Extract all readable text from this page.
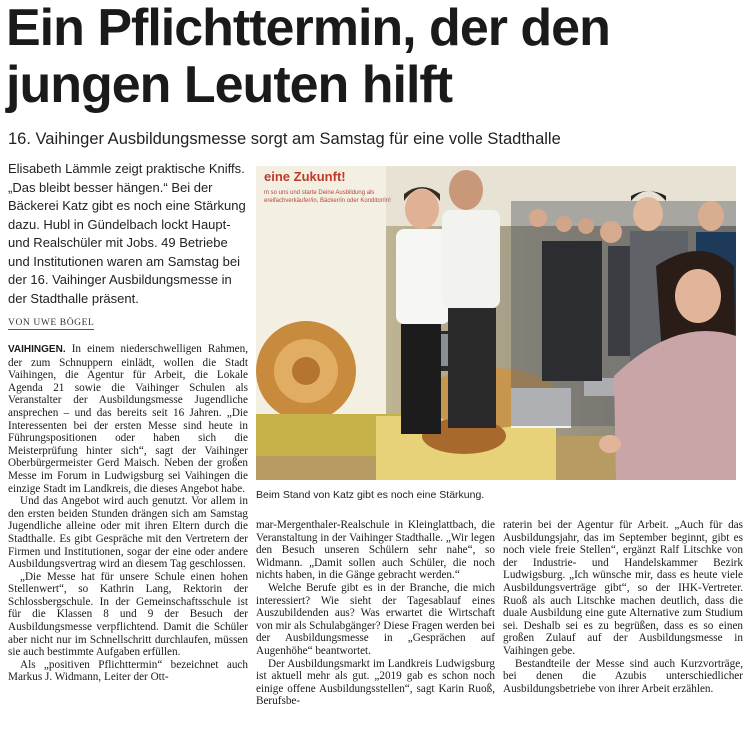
Ein Pflichttermin, der den jungen Leuten hilft
16. Vaihinger Ausbildungsmesse sorgt am Samstag für eine volle Stadthalle
Elisabeth Lämmle zeigt praktische Kniffs. „Das bleibt besser hängen.“ Bei der Bäckerei Katz gibt es noch eine Stärkung dazu. Hubl in Gündelbach lockt Haupt- und Realschüler mit Jobs. 49 Betriebe und Institutionen waren am Samstag bei der 16. Vaihinger Ausbildungsmesse in der Stadthalle präsent.
VON UWE BÖGEL

VAIHINGEN. In einem niederschwelligen Rahmen, der zum Schnuppern einlädt, wollen die Stadt Vaihingen, die Agentur für Arbeit, die Lokale Agenda 21 sowie die Vaihinger Schulen als Veranstalter der Ausbildungsmesse Jugendliche ansprechen – und das bereits seit 16 Jahren. „Die Interessenten bei der ersten Messe sind heute in Führungspositionen oder haben sich die Meisterprüfung hinter sich“, sagt der Vaihinger Oberbürgermeister Gerd Maisch. Neben der großen Messe im Forum in Ludwigsburg sei Vaihingen die einzige Stadt im Landkreis, die dieses Angebot habe.

Und das Angebot wird auch genutzt. Vor allem in den ersten beiden Stunden drängen sich am Samstag Jugendliche alleine oder mit ihren Eltern durch die Stadthalle. Es gibt Gespräche mit den Vertretern der Firmen und Institutionen, sogar der eine oder andere Ausbildungsvertrag wird an diesem Tag geschlossen.

„Die Messe hat für unsere Schule einen hohen Stellenwert“, so Kathrin Lang, Rektorin der Schlossbergschule. In der Gemeinschaftsschule ist für die Klassen 8 und 9 der Besuch der Ausbildungsmesse verpflichtend. Damit die Schüler aber nicht nur im Schnellschritt durchlaufen, müssen sie auch bestimmte Aufgaben erfüllen.

Als „positiven Pflichttermin“ bezeichnet auch Markus J. Widmann, Leiter der Ott-

eine Zukunft!
m so uns und starte Deine Ausbildung als
ereifachverkäufer/in, Bäcker/in oder Konditor/in!
Beim Stand von Katz gibt es noch eine Stärkung.

mar-Mergenthaler-Realschule in Kleinglattbach, die Veranstaltung in der Vaihinger Stadthalle. „Wir legen den Besuch unseren Schülern sehr nahe“, so Widmann. „Damit sollen auch Schüler, die noch nichts haben, in die Gänge gebracht werden.“

Welche Berufe gibt es in der Branche, die mich interessiert? Wie sieht der Tagesablauf eines Auszubildenden aus? Was erwartet die Wirtschaft von mir als Schulabgänger? Diese Fragen werden bei der Ausbildungsmesse in „Gesprächen auf Augenhöhe“ beantwortet.

Der Ausbildungsmarkt im Landkreis Ludwigsburg ist aktuell mehr als gut. „2019 gab es schon noch einige offene Ausbildungsstellen“, sagt Karin Ruoß, Berufsbe-

raterin bei der Agentur für Arbeit. „Auch für das Ausbildungsjahr, das im September beginnt, gibt es noch viele freie Stellen“, ergänzt Ralf Litschke von der Industrie- und Handelskammer Bezirk Ludwigsburg. „Ich wünsche mir, dass es heute viele Ausbildungsverträge gibt“, so der IHK-Vertreter. Ruoß als auch Litschke machen deutlich, dass die duale Ausbildung eine gute Alternative zum Studium sei. Deshalb sei es zu begrüßen, dass es so einen großen Zulauf auf der Ausbildungsmesse in Vaihingen gebe.

Bestandteile der Messe sind auch Kurzvorträge, bei denen die Azubis unterschiedlicher Ausbildungsbetriebe von ihrer Arbeit erzählen.
